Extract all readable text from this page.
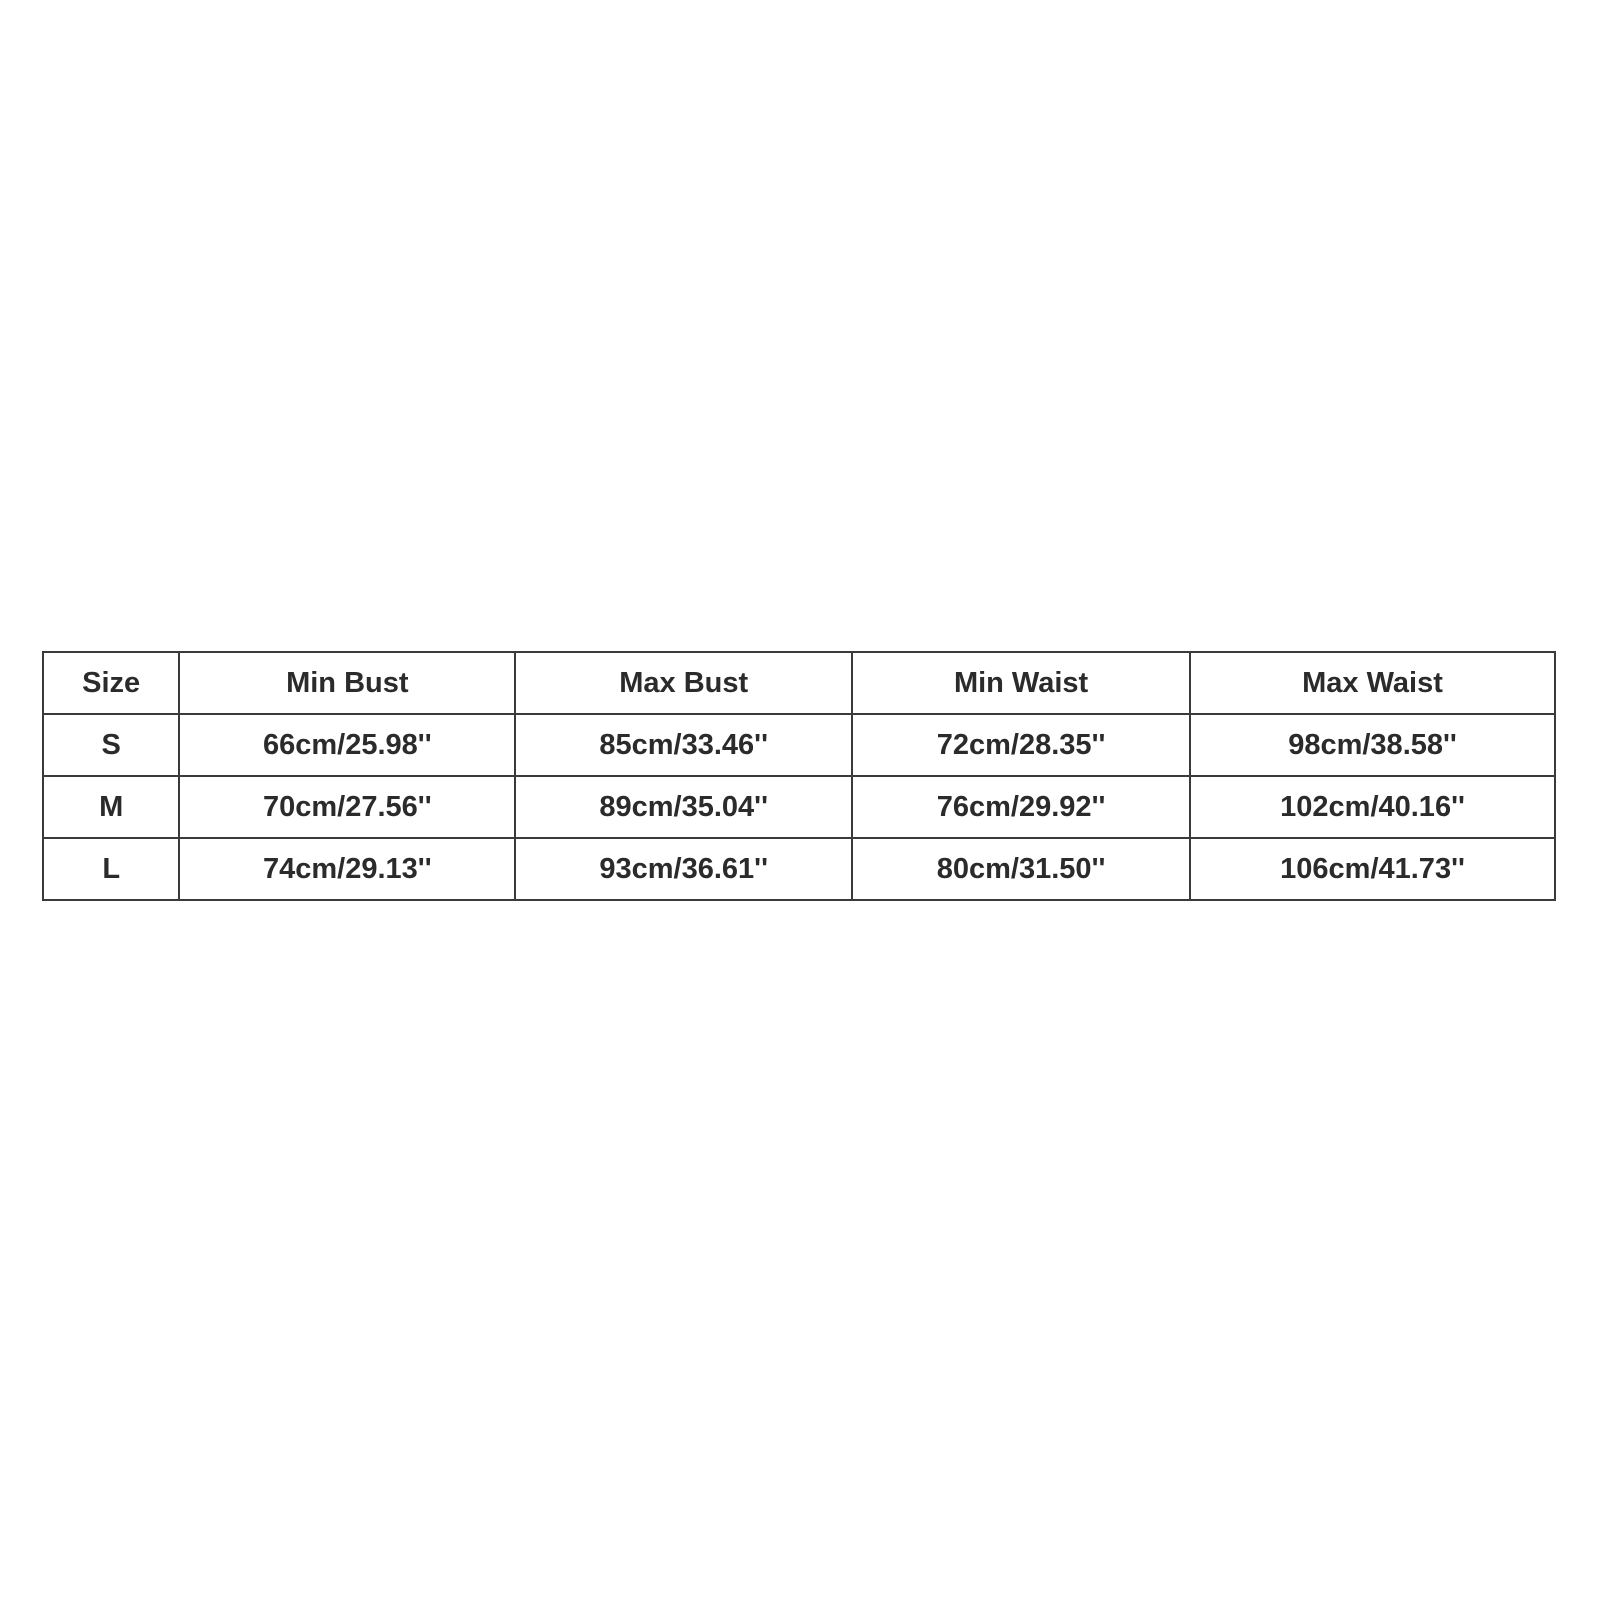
Size	Min Bust	Max Bust	Min Waist	Max Waist
S	66cm/25.98''	85cm/33.46''	72cm/28.35''	98cm/38.58''
M	70cm/27.56''	89cm/35.04''	76cm/29.92''	102cm/40.16''
L	74cm/29.13''	93cm/36.61''	80cm/31.50''	106cm/41.73''
